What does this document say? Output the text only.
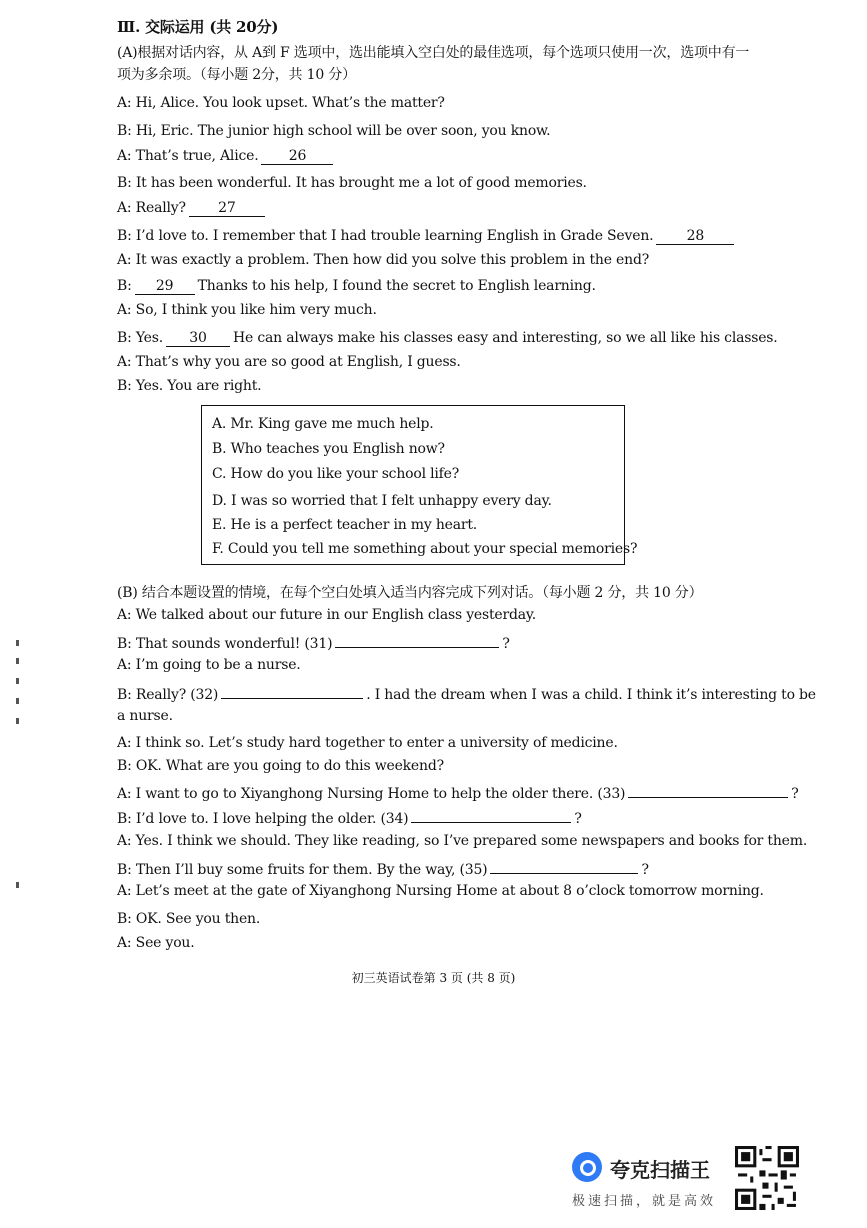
Ⅲ. 交际运用 (共 20分)
(A)根据对话内容，从 A到 F 选项中，选出能填入空白处的最佳选项，每个选项只使用一次，选项中有一项为多余项。（每小题 2分，共 10 分）
A: Hi, Alice. You look upset. What’s the matter?
B: Hi, Eric. The junior high school will be over soon, you know.
A: That’s true, Alice. 26
B: It has been wonderful. It has brought me a lot of good memories.
A: Really? 27
B: I’d love to. I remember that I had trouble learning English in Grade Seven. 28
A: It was exactly a problem. Then how did you solve this problem in the end?
B: 29 Thanks to his help, I found the secret to English learning.
A: So, I think you like him very much.
B: Yes. 30 He can always make his classes easy and interesting, so we all like his classes.
A: That’s why you are so good at English, I guess.
B: Yes. You are right.
A. Mr. King gave me much help.
B. Who teaches you English now?
C. How do you like your school life?
D. I was so worried that I felt unhappy every day.
E. He is a perfect teacher in my heart.
F. Could you tell me something about your special memories?
(B) 结合本题设置的情境，在每个空白处填入适当内容完成下列对话。（每小题 2 分，共 10 分）
A: We talked about our future in our English class yesterday.
B: That sounds wonderful! (31)	?
A: I’m going to be a nurse.
B: Really? (32)	. I had the dream when I was a child. I think it’s interesting to be
a nurse.
A: I think so. Let’s study hard together to enter a university of medicine.
B: OK. What are you going to do this weekend?
A: I want to go to Xiyanghong Nursing Home to help the older there. (33)	?
B: I’d love to. I love helping the older. (34)	?
A: Yes. I think we should. They like reading, so I’ve prepared some newspapers and books for them.
B: Then I’ll buy some fruits for them. By the way, (35)	?
A: Let’s meet at the gate of Xiyanghong Nursing Home at about 8 o’clock tomorrow morning.
B: OK. See you then.
A: See you.
初三英语试卷第 3 页 (共 8 页)
夸克扫描王
极速扫描，就是高效
